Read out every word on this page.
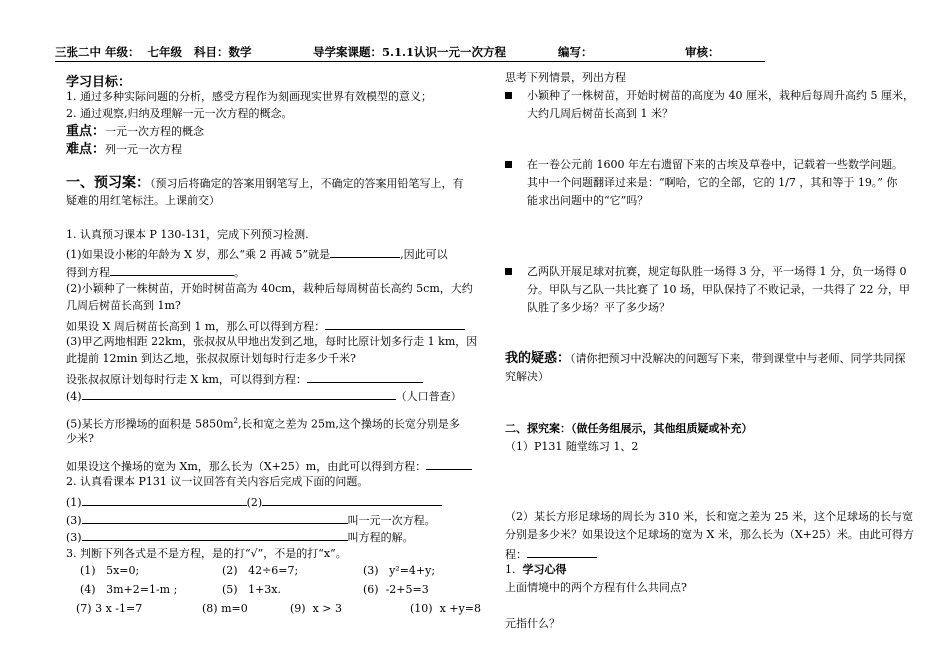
三张二中 年级： 七年级 科目：数学	导学案课题：5.1.1认识一元一次方程	编写：	审核：
学习目标：
1. 通过多种实际问题的分析，感受方程作为刻画现实世界有效模型的意义；
2. 通过观察,归纳及理解一元一次方程的概念。
重点：一元一次方程的概念
难点：列一元一次方程
一、预习案：（预习后将确定的答案用钢笔写上，不确定的答案用铅笔写上，有
疑难的用红笔标注。上课前交）
1. 认真预习课本 P 130-131，完成下列预习检测.
(1)如果设小彬的年龄为 X 岁，那么“乘 2 再减 5”就是	,因此可以
得到方程	。
(2)小颖种了一株树苗，开始时树苗高为 40cm，栽种后每周树苗长高约 5cm，大约
几周后树苗长高到 1m?
如果设 X 周后树苗长高到 1 m，那么可以得到方程：
(3)甲乙两地相距 22km，张叔叔从甲地出发到乙地，每时比原计划多行走 1 km，因
此提前 12min 到达乙地，张叔叔原计划每时行走多少千米?
设张叔叔原计划每时行走 X km，可以得到方程：
(4)	（人口普查）
(5)某长方形操场的面积是 $5850m^2$,长和宽之差为 25m,这个操场的长宽分别是多
少米?
如果设这个操场的宽为 Xm，那么长为（X+25）m，由此可以得到方程：
2. 认真看课本 P131 议一议回答有关内容后完成下面的问题。
(1)	(2)
(3)	叫一元一次方程。
(3)	叫方程的解。
3. 判断下列各式是不是方程，是的打“√”，不是的打“x”。
(1) 5x=0;	(2) 42÷6=7;	(3) y²=4+y;
(4) 3m+2=1-m ;	(5) 1+3x.	(6) -2+5=3
(7) 3 x -1=7	(8) m=0	(9) x > 3	(10) x +y=8
思考下列情景，列出方程
小颖种了一株树苗，开始时树苗的高度为 40 厘米，栽种后每周升高约 5 厘米，
大约几周后树苗长高到 1 米？
在一卷公元前 1600 年左右遗留下来的古埃及草卷中，记载着一些数学问题。
其中一个问题翻译过来是：“啊哈，它的全部，它的 1/7 ，其和等于 19。” 你
能求出问题中的“它”吗？
乙两队开展足球对抗赛，规定每队胜一场得 3 分，平一场得 1 分，负一场得 0
分。甲队与乙队一共比赛了 10 场，甲队保持了不败记录，一共得了 22 分，甲
队胜了多少场？平了多少场？
我的疑惑：（请你把预习中没解决的问题写下来，带到课堂中与老师、同学共同探
究解决）
二、探究案：（做任务组展示，其他组质疑或补充）
（1）P131 随堂练习 1、2
（2）某长方形足球场的周长为 310 米，长和宽之差为 25 米，这个足球场的长与宽
分别是多少米？如果设这个足球场的宽为 X 米，那么长为（X+25）米。由此可得方
程：
1. 学习心得
上面情境中的两个方程有什么共同点?
元指什么？
